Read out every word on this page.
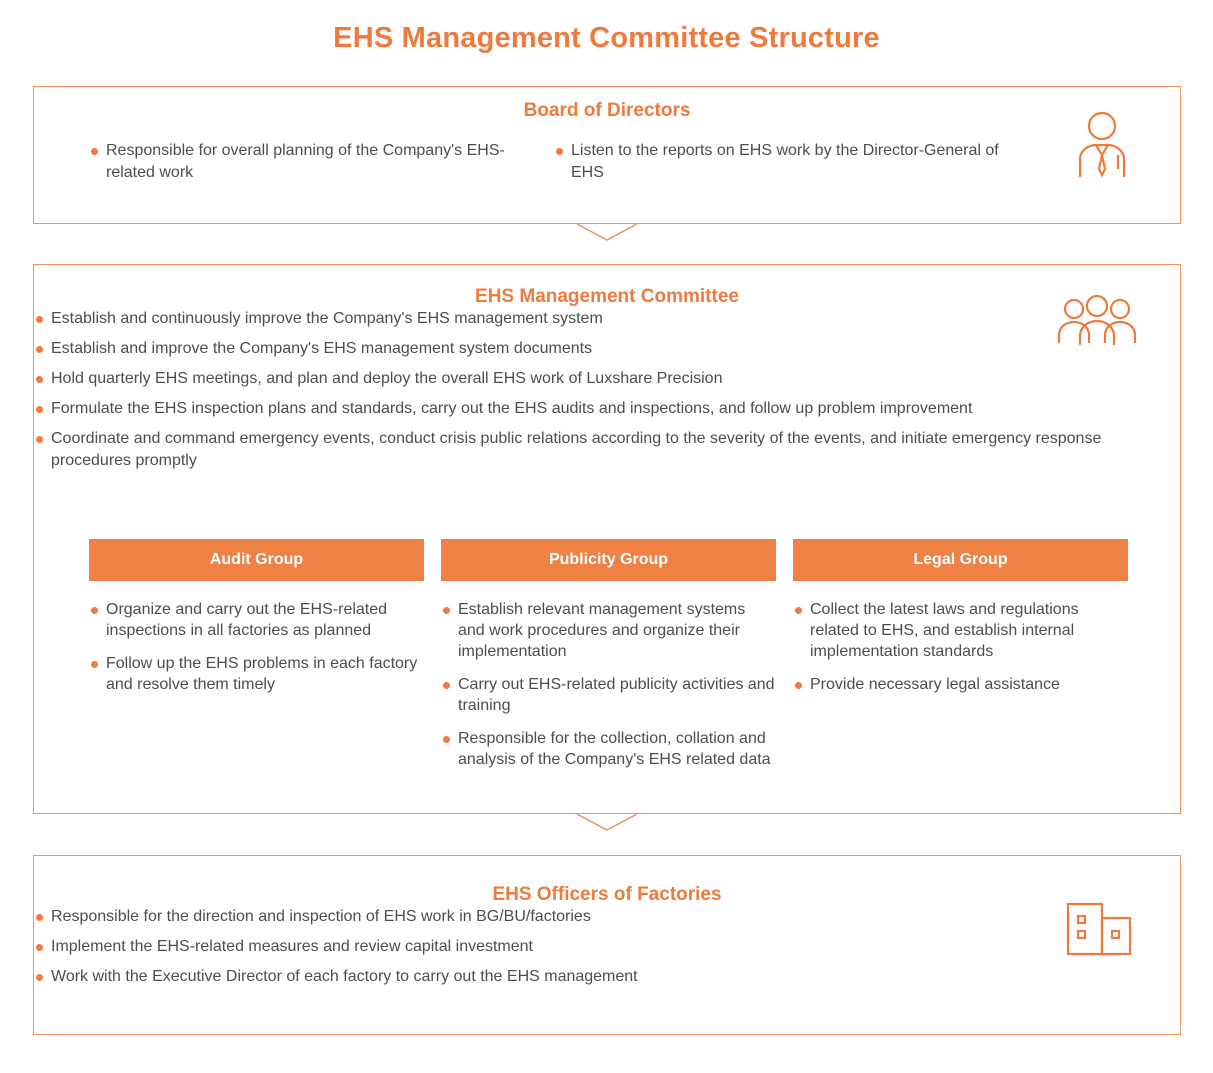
EHS Management Committee Structure
Board of Directors
Responsible for overall planning of the Company's EHS-related work
Listen to the reports on EHS work by the Director-General of EHS
EHS Management Committee
Establish and continuously improve the Company's EHS management system
Establish and improve the Company's EHS management system documents
Hold quarterly EHS meetings, and plan and deploy the overall EHS work of Luxshare Precision
Formulate the EHS inspection plans and standards, carry out the EHS audits and inspections, and follow up problem improvement
Coordinate and command emergency events, conduct crisis public relations according to the severity of the events, and initiate emergency response procedures promptly
Audit Group
Organize and carry out the EHS-related inspections in all factories as planned
Follow up the EHS problems in each factory and resolve them timely
Publicity Group
Establish relevant management systems and work procedures and organize their implementation
Carry out EHS-related publicity activities and training
Responsible for the collection, collation and analysis of the Company's EHS related data
Legal Group
Collect the latest laws and regulations related to EHS, and establish internal implementation standards
Provide necessary legal assistance
EHS Officers of Factories
Responsible for the direction and inspection of EHS work in BG/BU/factories
Implement the EHS-related measures and review capital investment
Work with the Executive Director of each factory to carry out the EHS management
